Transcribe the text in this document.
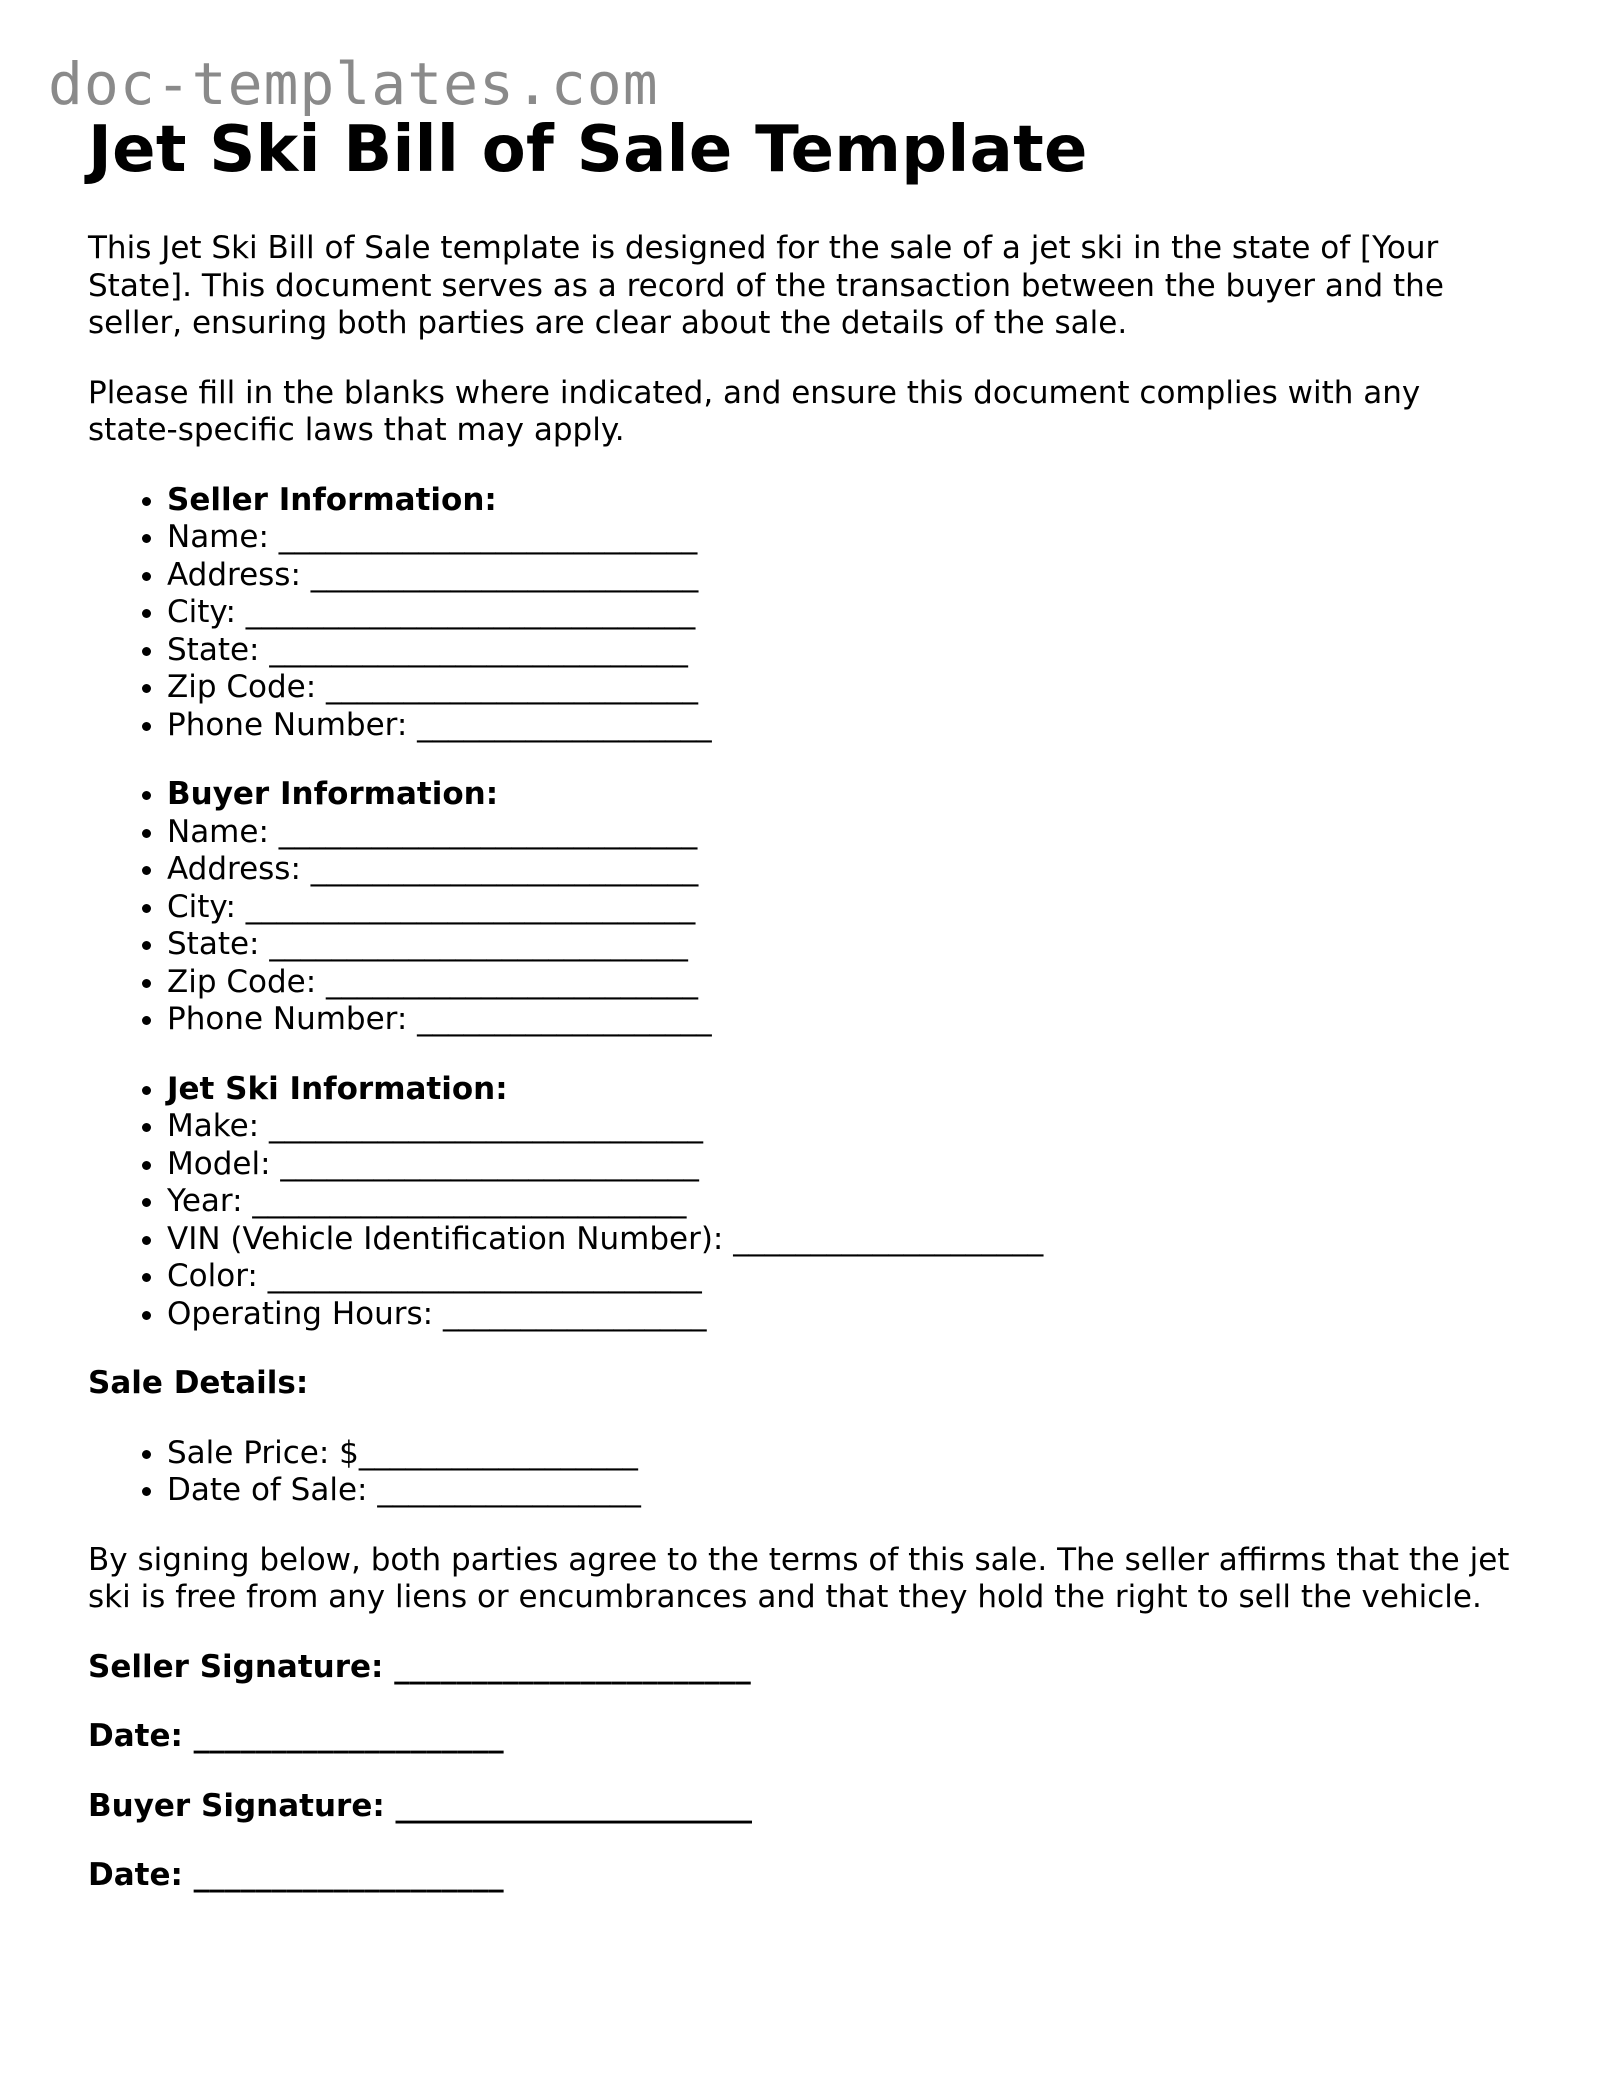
doc-templates.com
Jet Ski Bill of Sale Template

This Jet Ski Bill of Sale template is designed for the sale of a jet ski in the state of [Your State]. This document serves as a record of the transaction between the buyer and the seller, ensuring both parties are clear about the details of the sale.

Please fill in the blanks where indicated, and ensure this document complies with any state-specific laws that may apply.

• Seller Information:
• Name: ___________________________
• Address: _________________________
• City: _____________________________
• State: ___________________________
• Zip Code: ________________________
• Phone Number: ___________________
• Buyer Information:
• Name: ___________________________
• Address: _________________________
• City: _____________________________
• State: ___________________________
• Zip Code: ________________________
• Phone Number: ___________________
• Jet Ski Information:
• Make: ____________________________
• Model: ___________________________
• Year: ____________________________
• VIN (Vehicle Identification Number): ____________________
• Color: ____________________________
• Operating Hours: _________________
Sale Details:
• Sale Price: $__________________
• Date of Sale: _________________

By signing below, both parties agree to the terms of this sale. The seller affirms that the jet ski is free from any liens or encumbrances and that they hold the right to sell the vehicle.

Seller Signature: _______________________
Date: ____________________
Buyer Signature: _______________________
Date: ____________________
